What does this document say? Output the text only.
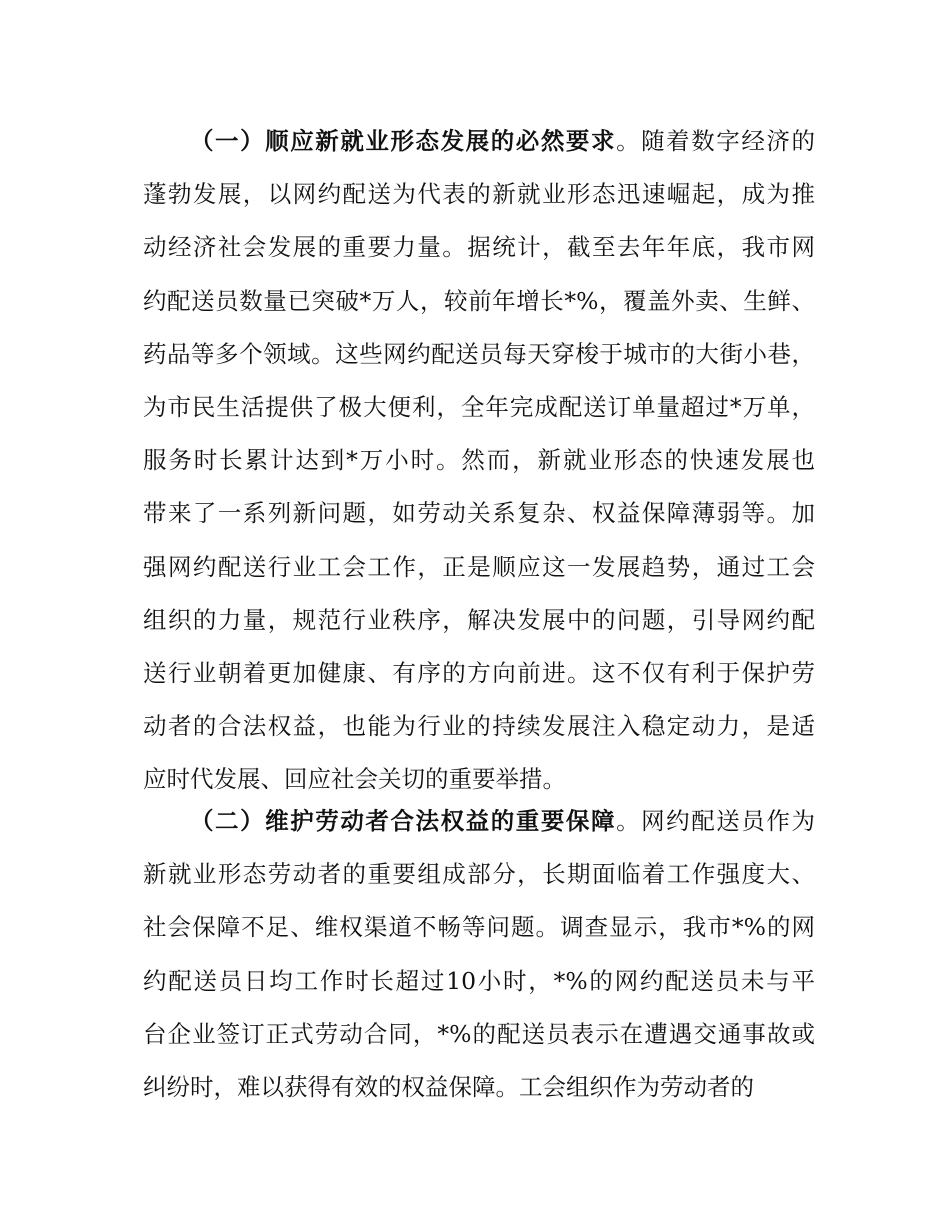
（一）顺应新就业形态发展的必然要求。随着数字经济的
蓬勃发展，以网约配送为代表的新就业形态迅速崛起，成为推
动经济社会发展的重要力量。据统计，截至去年年底，我市网
约配送员数量已突破*万人，较前年增长*%，覆盖外卖、生鲜、
药品等多个领域。这些网约配送员每天穿梭于城市的大街小巷，
为市民生活提供了极大便利，全年完成配送订单量超过*万单，
服务时长累计达到*万小时。然而，新就业形态的快速发展也
带来了一系列新问题，如劳动关系复杂、权益保障薄弱等。加
强网约配送行业工会工作，正是顺应这一发展趋势，通过工会
组织的力量，规范行业秩序，解决发展中的问题，引导网约配
送行业朝着更加健康、有序的方向前进。这不仅有利于保护劳
动者的合法权益，也能为行业的持续发展注入稳定动力，是适
应时代发展、回应社会关切的重要举措。
（二）维护劳动者合法权益的重要保障。网约配送员作为
新就业形态劳动者的重要组成部分，长期面临着工作强度大、
社会保障不足、维权渠道不畅等问题。调查显示，我市*%的网
约配送员日均工作时长超过10小时，*%的网约配送员未与平
台企业签订正式劳动合同，*%的配送员表示在遭遇交通事故或
纠纷时，难以获得有效的权益保障。工会组织作为劳动者的
